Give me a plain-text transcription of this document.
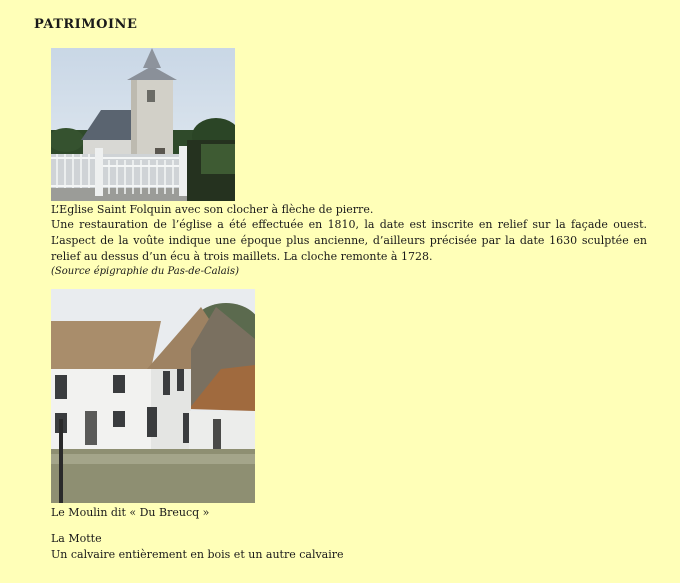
PATRIMOINE
L’Eglise Saint Folquin avec son clocher à flèche de pierre.
Une restauration de l’église a été effectuée en 1810, la date est inscrite en relief sur la façade ouest. L’aspect de la voûte indique une époque plus ancienne, d’ailleurs précisée par la date 1630 sculptée en relief au dessus d’un écu à trois maillets. La cloche remonte à 1728.
(Source épigraphie du Pas-de-Calais)
Le Moulin dit « Du Breucq »
La Motte
Un calvaire entièrement en bois et un autre calvaire
